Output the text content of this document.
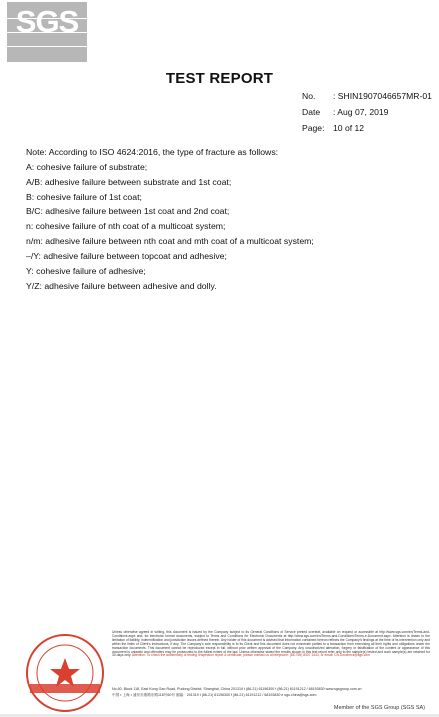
SGS
TEST REPORT
No. : SHIN1907046657MR-01
Date : Aug 07, 2019
Page: 10 of 12
Note: According to ISO 4624:2016, the type of fracture as follows:
A: cohesive failure of substrate;
A/B: adhesive failure between substrate and 1st coat;
B: cohesive failure of 1st coat;
B/C: adhesive failure between 1st coat and 2nd coat;
n: cohesive failure of nth coat of a multicoat system;
n/m: adhesive failure between nth coat and mth coat of a multicoat system;
–/Y: adhesive failure between topcoat and adhesive;
Y: cohesive failure of adhesive;
Y/Z: adhesive failure between adhesive and dolly.
Unless otherwise agreed in writing, this document is issued by the Company subject to its General Conditions of Service printed overleaf, available on request or accessible at http://www.sgs.com/en/Terms-and-Conditions.aspx and, for electronic format documents, subject to Terms and Conditions for Electronic Documents at http://www.sgs.com/en/Terms-and-Conditions/Terms-e-Document.aspx. Attention is drawn to the limitation of liability, indemnification and jurisdiction issues defined therein. Any holder of this document is advised that information contained hereon reflects the Company's findings at the time of its intervention only and within the limits of Client's instructions, if any. The Company's sole responsibility is to its Client and this document does not exonerate parties to a transaction from exercising all their rights and obligations under the transaction documents. This document cannot be reproduced except in full, without prior written approval of the Company. Any unauthorized alteration, forgery or falsification of the content or appearance of this document is unlawful and offenders may be prosecuted to the fullest extent of the law. Unless otherwise stated the results shown in this test report refer only to the sample(s) tested and such sample(s) are retained for 30 days only. Attention: To check the authenticity of testing /inspection report & certificate, please contact us at telephone: (86-755) 8307 1443, or email: CN.Doccheck@sgs.com
No.60, Block 118, East Kong Gao Road, Pudong District, Shanghai, China 201319 t (86-21) 61196300 f (86-21) 61191212 / 68193830 www.sgsgroup.com.cn
中国 • 上海 • 浦东东康路东路118号60号 邮编：201319 t (86-21) 61196300 f (86-21) 61191212 / 68193830 e sgs.china@sgs.com
Member of the SGS Group (SGS SA)
